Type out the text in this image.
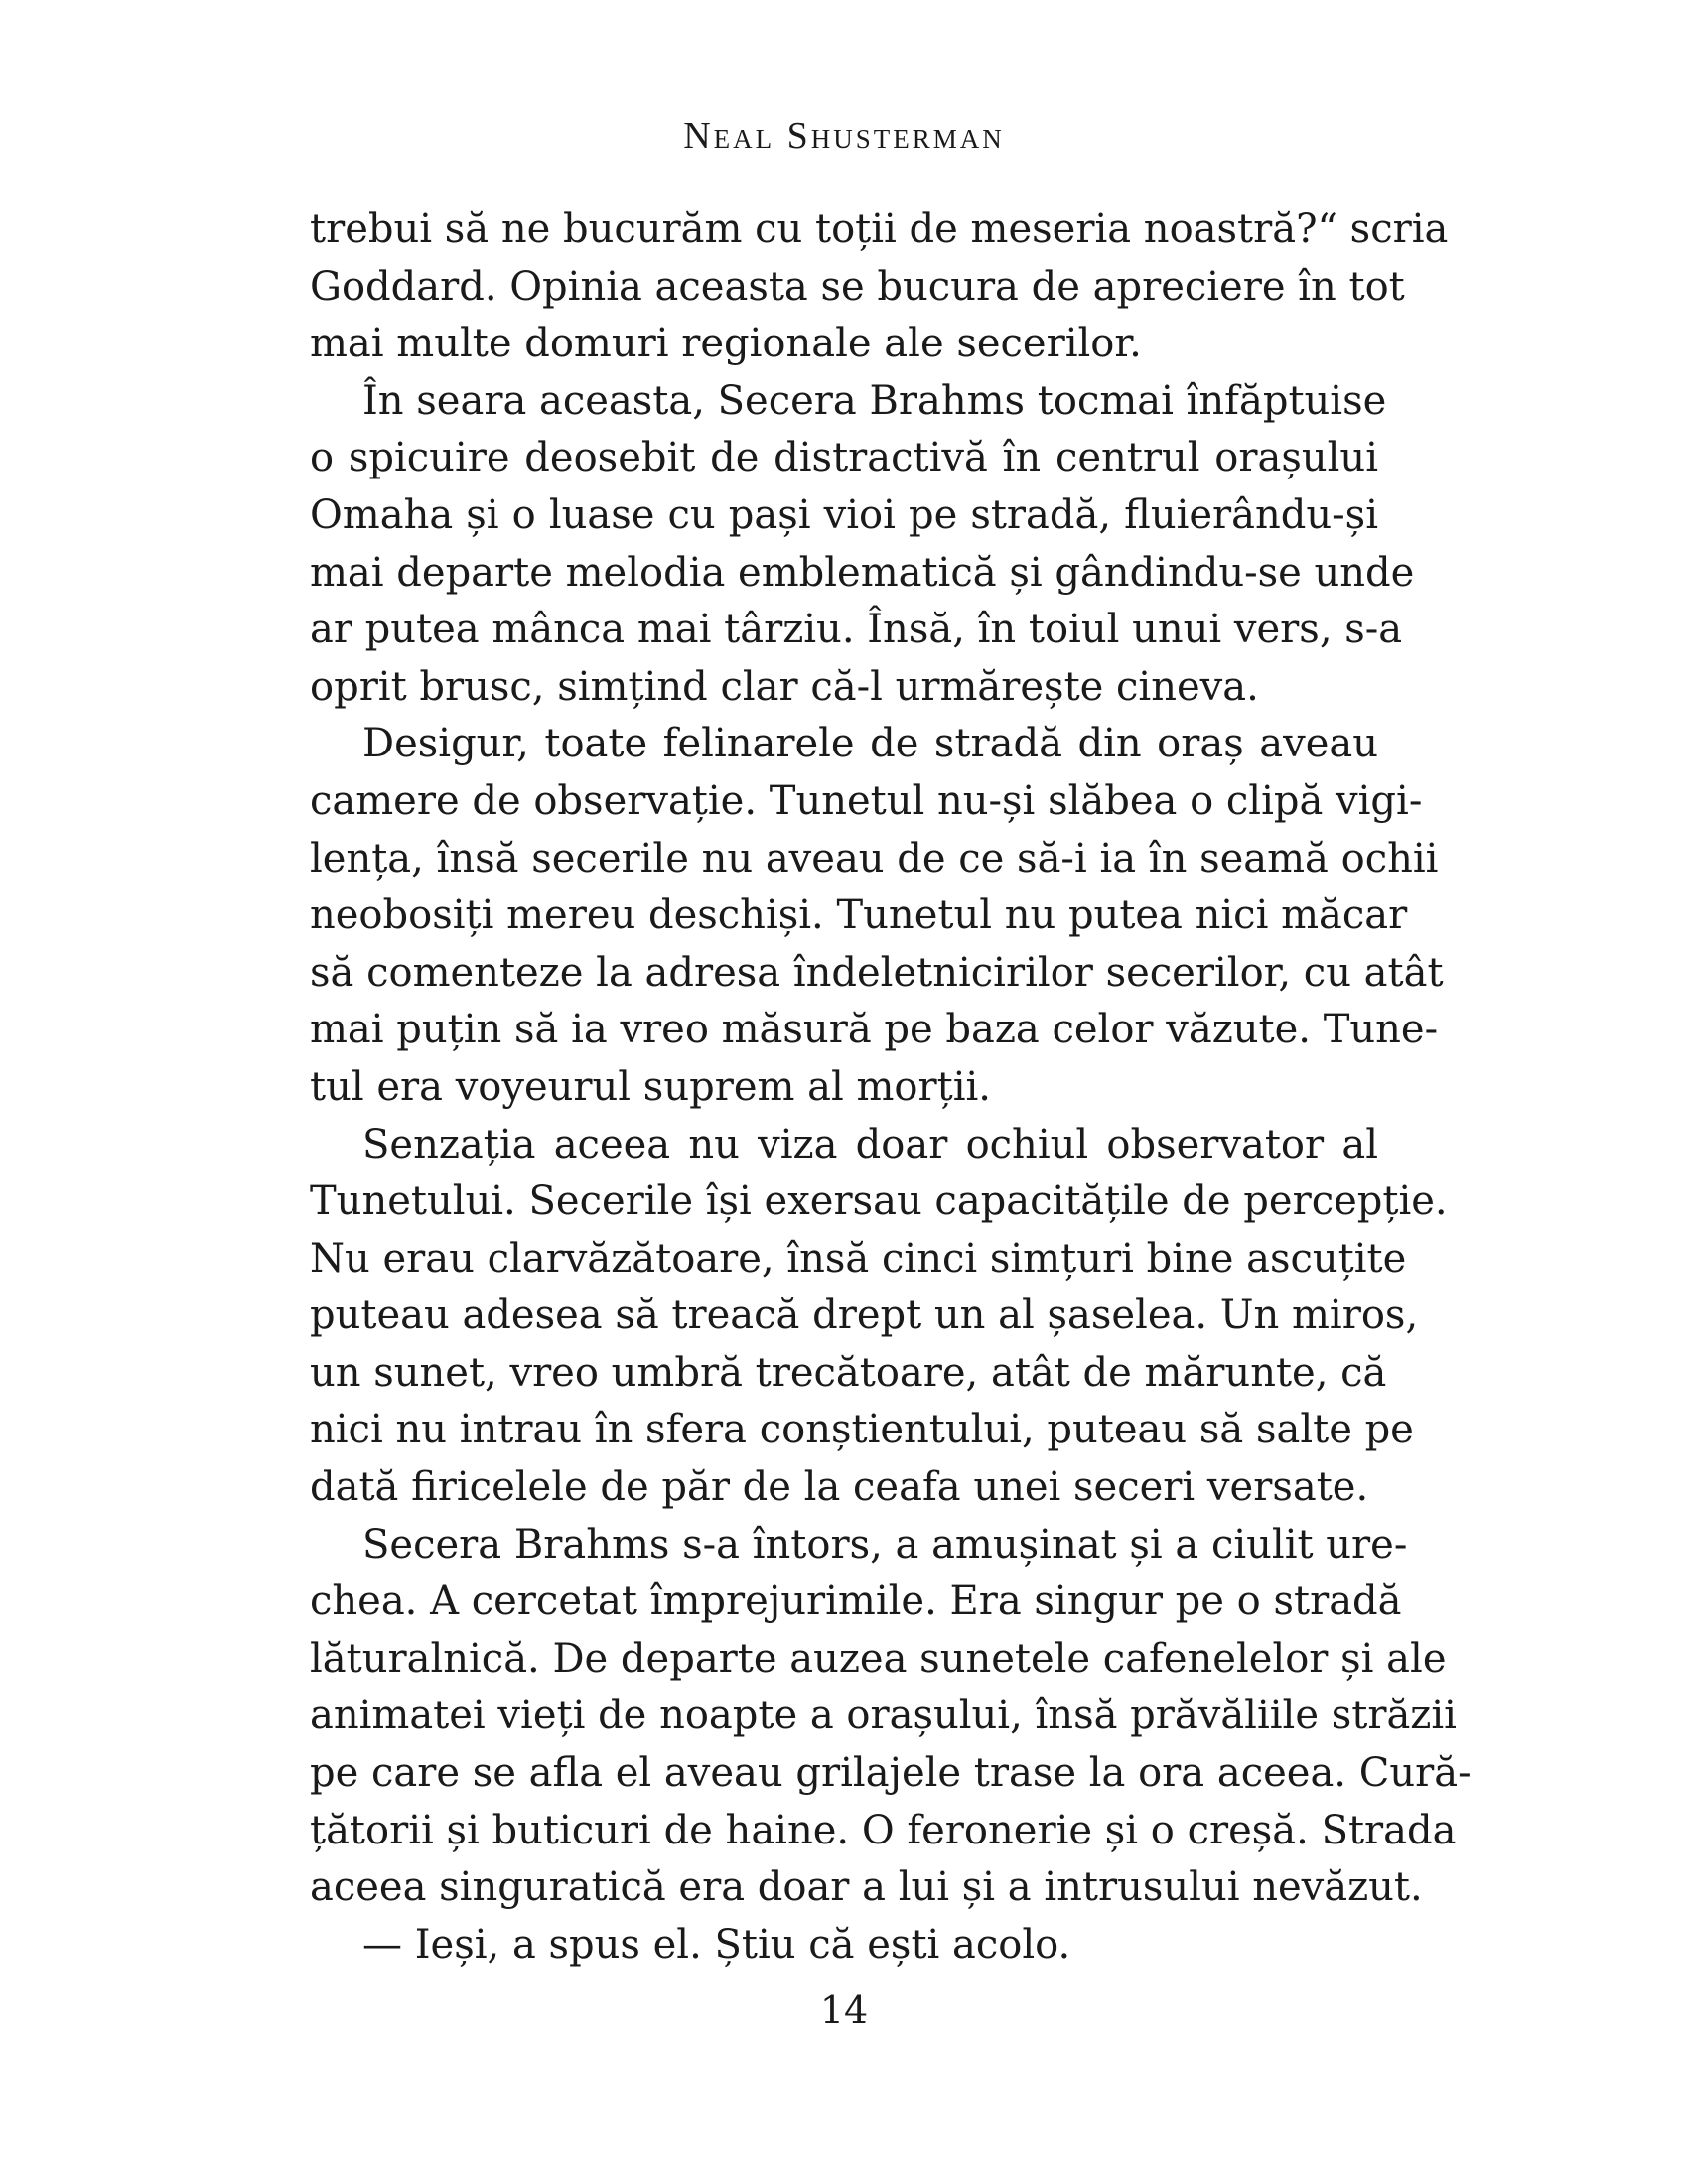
Neal Shusterman
trebui să ne bucurăm cu toții de meseria noastră?“ scria
Goddard. Opinia aceasta se bucura de apreciere în tot
mai multe domuri regionale ale secerilor.
În seara aceasta, Secera Brahms tocmai înfăptuise
o spicuire deosebit de distractivă în centrul orașului
Omaha și o luase cu pași vioi pe stradă, fluierându-și
mai departe melodia emblematică și gândindu-se unde
ar putea mânca mai târziu. Însă, în toiul unui vers, s-a
oprit brusc, simțind clar că-l urmărește cineva.
Desigur, toate felinarele de stradă din oraș aveau
camere de observație. Tunetul nu-și slăbea o clipă vigi-
lența, însă secerile nu aveau de ce să-i ia în seamă ochii
neobosiți mereu deschiși. Tunetul nu putea nici măcar
să comenteze la adresa îndeletnicirilor secerilor, cu atât
mai puțin să ia vreo măsură pe baza celor văzute. Tune-
tul era voyeurul suprem al morții.
Senzația aceea nu viza doar ochiul observator al
Tunetului. Secerile își exersau capacitățile de percepție.
Nu erau clarvăzătoare, însă cinci simțuri bine ascuțite
puteau adesea să treacă drept un al șaselea. Un miros,
un sunet, vreo umbră trecătoare, atât de mărunte, că
nici nu intrau în sfera conștientului, puteau să salte pe
dată firicelele de păr de la ceafa unei seceri versate.
Secera Brahms s-a întors, a amușinat și a ciulit ure-
chea. A cercetat împrejurimile. Era singur pe o stradă
lăturalnică. De departe auzea sunetele cafenelelor și ale
animatei vieți de noapte a orașului, însă prăvăliile străzii
pe care se afla el aveau grilajele trase la ora aceea. Cură-
țătorii și buticuri de haine. O feronerie și o creșă. Strada
aceea singuratică era doar a lui și a intrusului nevăzut.
— Ieși, a spus el. Știu că ești acolo.
14
